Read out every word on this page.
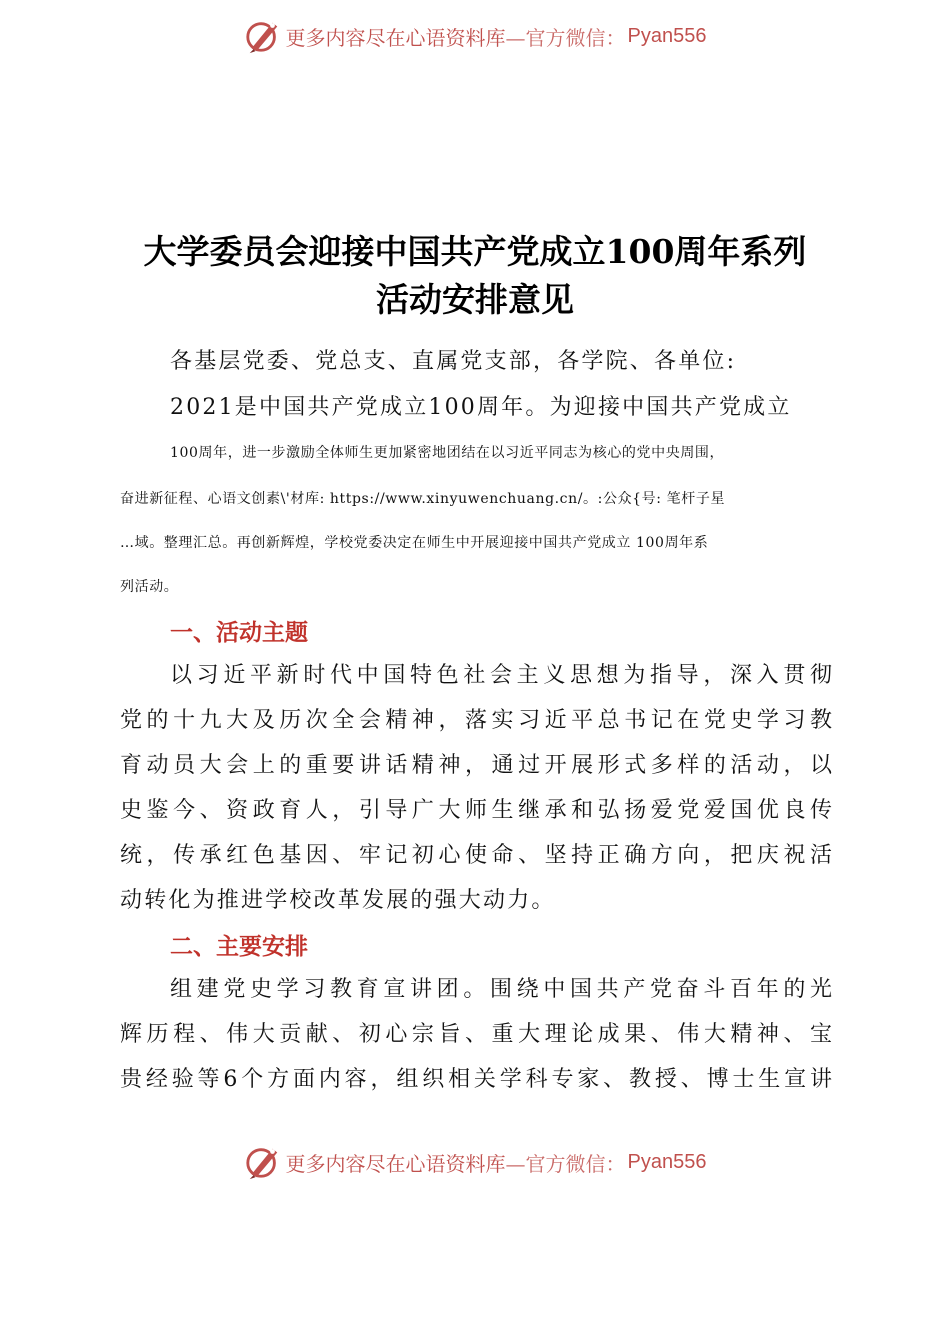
更多内容尽在心语资料库 —官方微信： Pyan556
大学委员会迎接中国共产党成立100周年系列
活动安排意见
各基层党委、党总支、直属党支部，各学院、各单位:
2021是中国共产党成立100周年。为迎接中国共产党成立
100周年，进一步激励全体师生更加紧密地团结在以习近平同志为核心的党中央周围，
奋进新征程、心语文创素\'材库: https://www.xinyuwenchuang.cn/。:公众{号: 笔杆子星
…域。整理汇总。再创新辉煌，学校党委决定在师生中开展迎接中国共产党成立 100周年系
列活动。
一、活动主题
以习近平新时代中国特色社会主义思想为指导，深入贯彻
党的十九大及历次全会精神，落实习近平总书记在党史学习教
育动员大会上的重要讲话精神，通过开展形式多样的活动，以
史鉴今、资政育人，引导广大师生继承和弘扬爱党爱国优良传
统，传承红色基因、牢记初心使命、坚持正确方向，把庆祝活
动转化为推进学校改革发展的强大动力。
二、主要安排
组建党史学习教育宣讲团。围绕中国共产党奋斗百年的光
辉历程、伟大贡献、初心宗旨、重大理论成果、伟大精神、宝
贵经验等6个方面内容，组织相关学科专家、教授、博士生宣讲
更多内容尽在心语资料库 —官方微信： Pyan556
